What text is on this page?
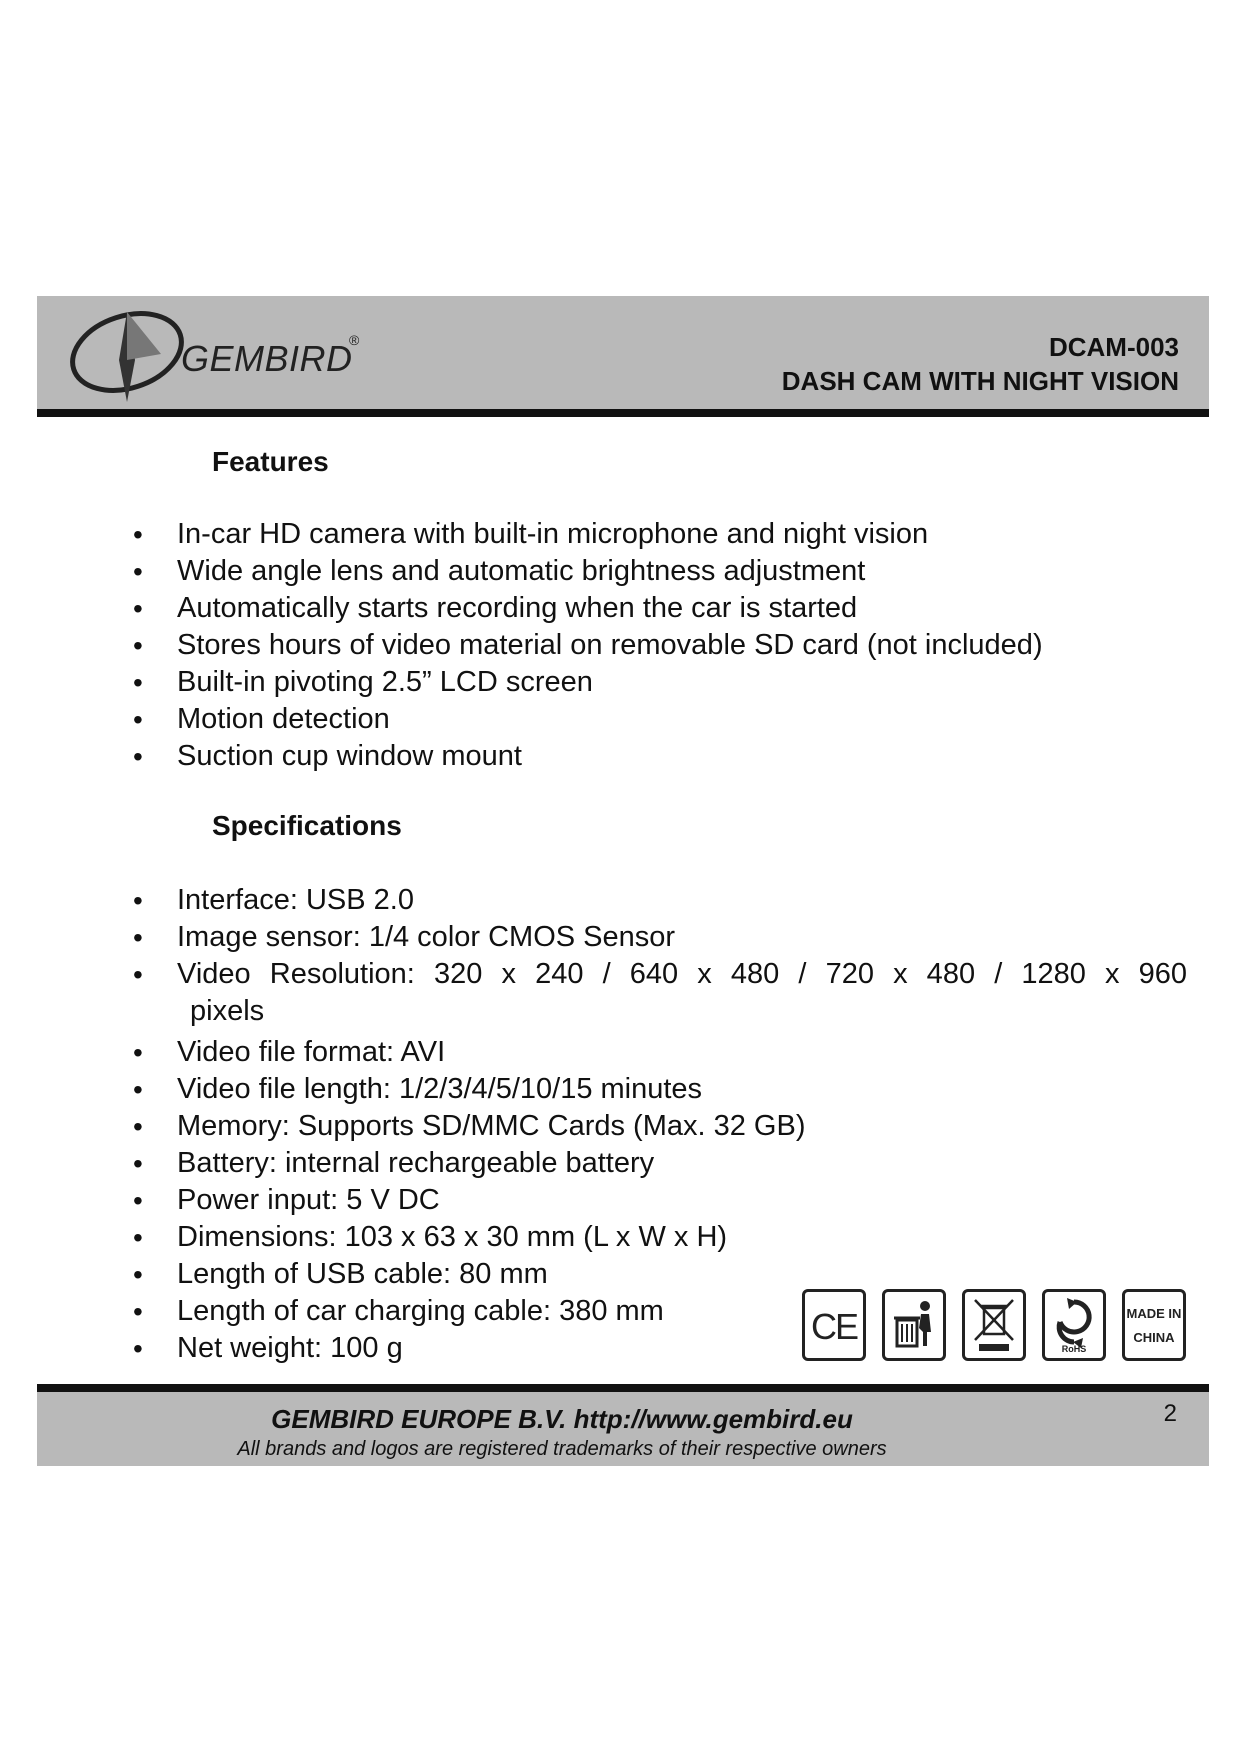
GEMBIRD
®	DCAM-003
DASH CAM WITH NIGHT VISION
Features
• In-car HD camera with built-in microphone and night vision
• Wide angle lens and automatic brightness adjustment
• Automatically starts recording when the car is started
• Stores hours of video material on removable SD card (not included)
• Built-in pivoting 2.5” LCD screen
• Motion detection
• Suction cup window mount
Specifications
• Interface: USB 2.0
• Image sensor: 1/4 color CMOS Sensor
• Video Resolution: 320 x 240 / 640 x 480 / 720 x 480 / 1280 x 960
pixels
• Video file format: AVI
• Video file length: 1/2/3/4/5/10/15 minutes
• Memory: Supports SD/MMC Cards (Max. 32 GB)
• Battery: internal rechargeable battery
• Power input: 5 V DC
• Dimensions: 103 x 63 x 30 mm (L x W x H)
• Length of USB cable: 80 mm
• Length of car charging cable: 380 mm
• Net weight: 100 g
CE
RoHS
MADE IN
CHINA
GEMBIRD EUROPE B.V. http://www.gembird.eu
All brands and logos are registered trademarks of their respective owners
2
